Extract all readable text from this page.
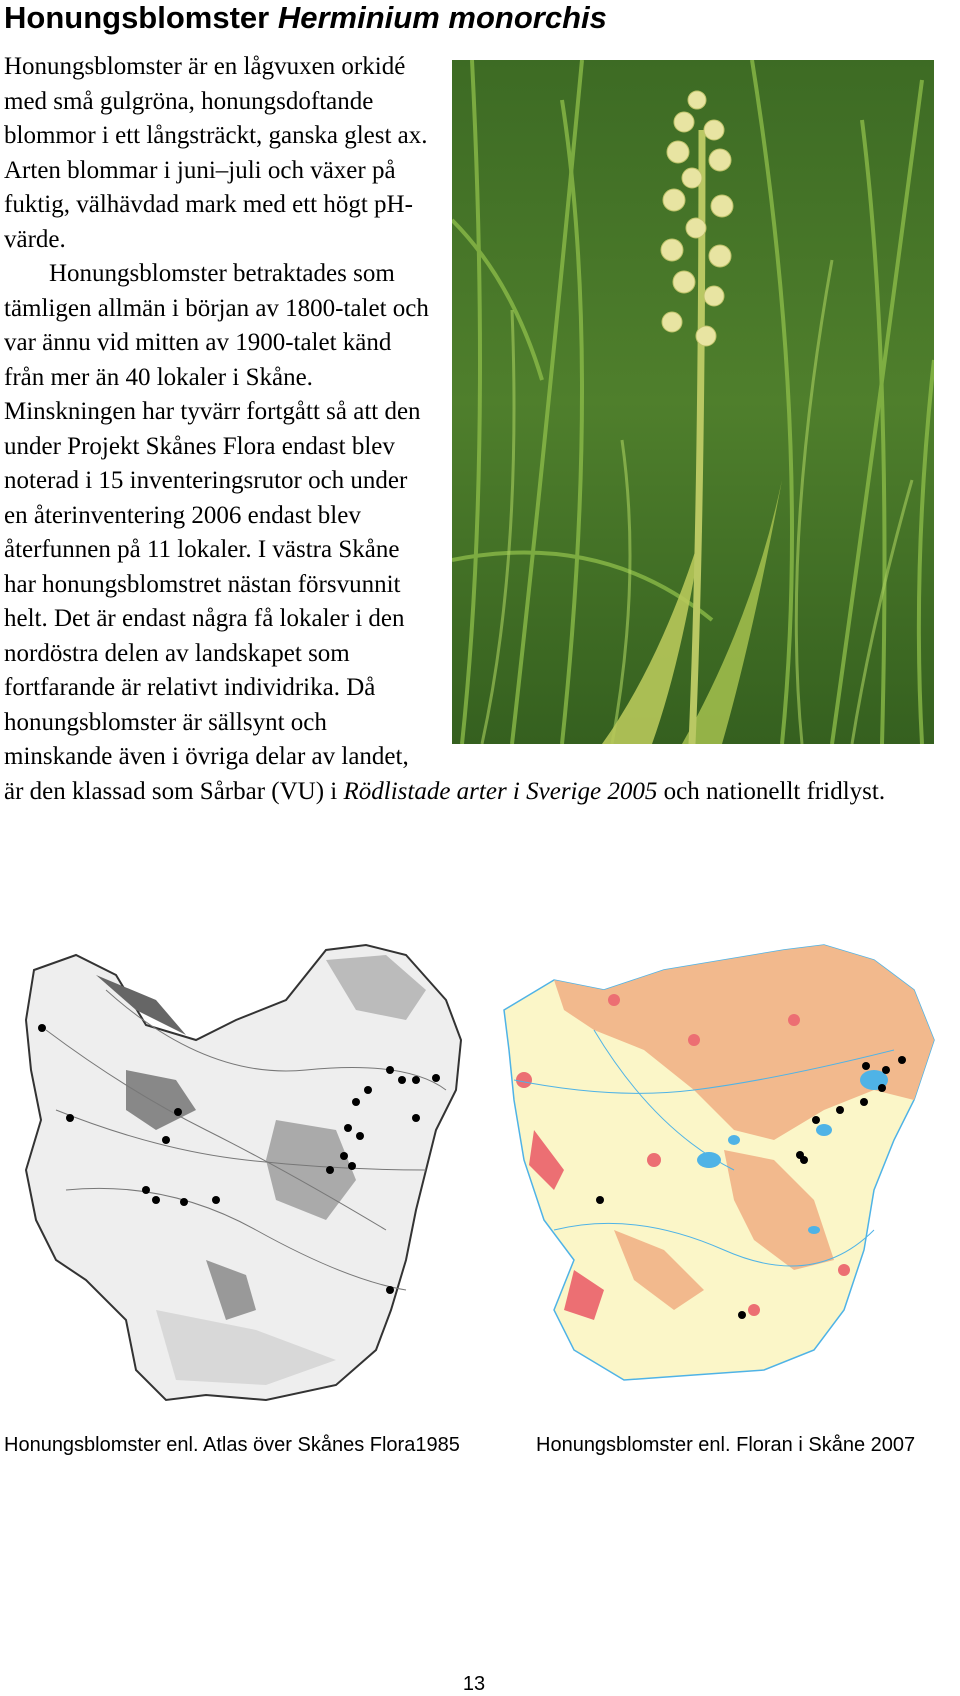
Honungsblomster Herminium monorchis

Honungsblomster är en lågvuxen orkidé med små gulgröna, honungsdoftande blommor i ett långsträckt, ganska glest ax. Arten blommar i juni–juli och växer på fuktig, välhävdad mark med ett högt pH-värde.

Honungsblomster betraktades som tämligen allmän i början av 1800-talet och var ännu vid mitten av 1900-talet känd från mer än 40 lokaler i Skåne. Minskningen har tyvärr fortgått så att den under Projekt Skånes Flora endast blev noterad i 15 inventeringsrutor och under en återinventering 2006 endast blev återfunnen på 11 lokaler. I västra Skåne har honungsblomstret nästan försvunnit helt. Det är endast några få lokaler i den nordöstra delen av landskapet som fortfarande är relativt individrika. Då honungsblomster är sällsynt och minskande även i övriga delar av landet, är den klassad som Sårbar (VU) i Rödlistade arter i Sverige 2005 och nationellt fridlyst.

Honungsblomster enl. Atlas över Skånes Flora1985	Honungsblomster enl. Floran i Skåne 2007
13
